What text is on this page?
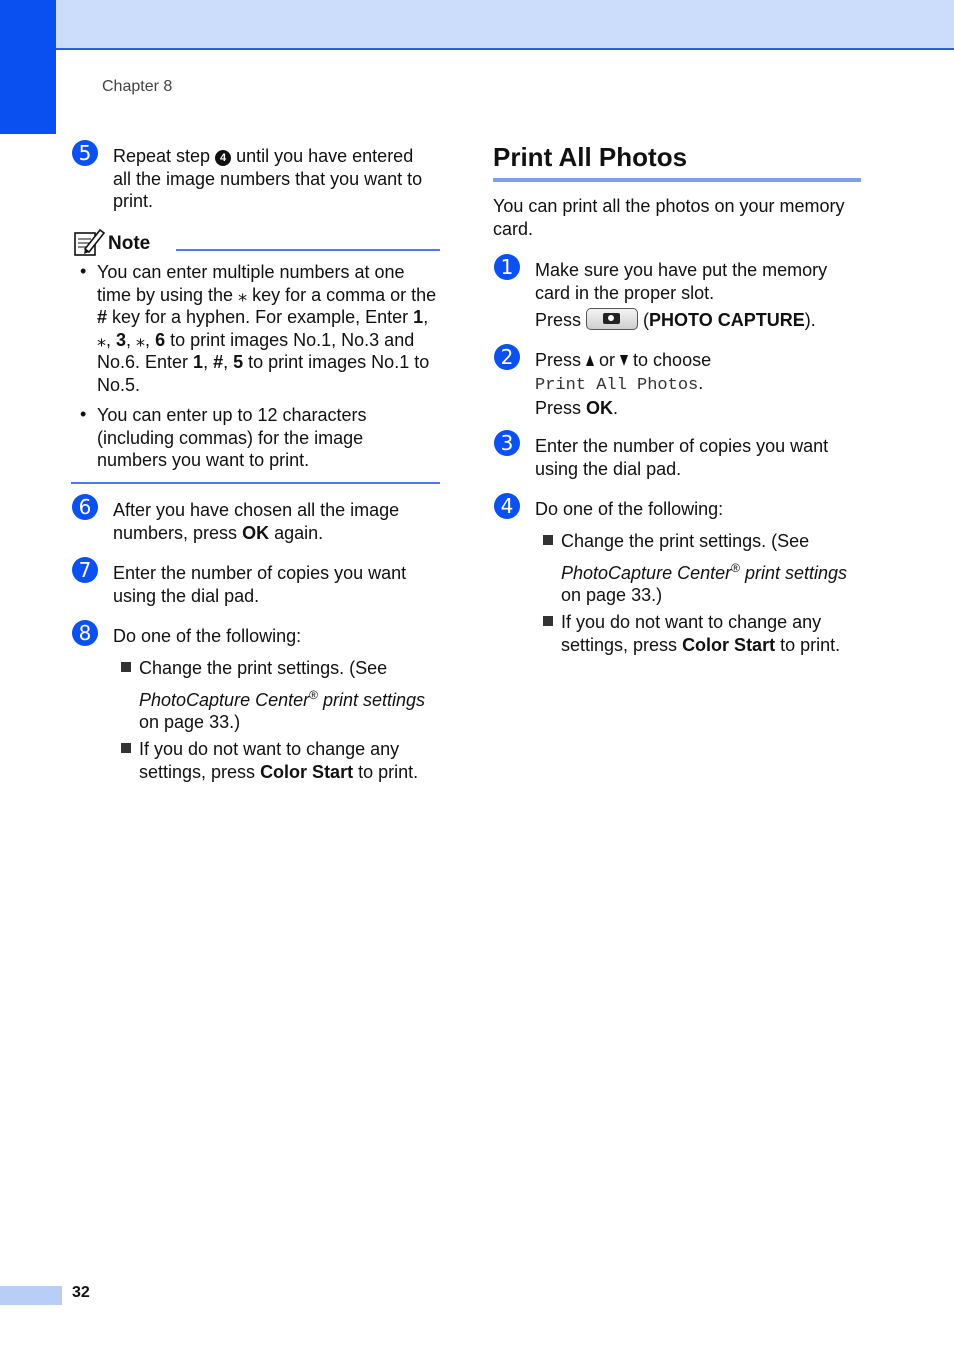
Chapter 8
5	Repeat step 4 until you have entered
all the image numbers that you want to
print.
Note
• You can enter multiple numbers at one
time by using the ⁎ key for a comma or the
# key for a hyphen. For example, Enter 1,
⁎, 3, ⁎, 6 to print images No.1, No.3 and
No.6. Enter 1, #, 5 to print images No.1 to
No.5.
• You can enter up to 12 characters
(including commas) for the image
numbers you want to print.
6	After you have chosen all the image
numbers, press OK again.
7	Enter the number of copies you want
using the dial pad.
8	Do one of the following:
Change the print settings. (See
PhotoCapture Center® print settings
on page 33.)
If you do not want to change any
settings, press Color Start to print.
Print All Photos
You can print all the photos on your memory
card.
1	Make sure you have put the memory
card in the proper slot.
Press	(PHOTO CAPTURE).
2	Press  or  to choose
Print All Photos.
Press OK.
3	Enter the number of copies you want
using the dial pad.
4	Do one of the following:
Change the print settings. (See
PhotoCapture Center® print settings
on page 33.)
If you do not want to change any
settings, press Color Start to print.
32
